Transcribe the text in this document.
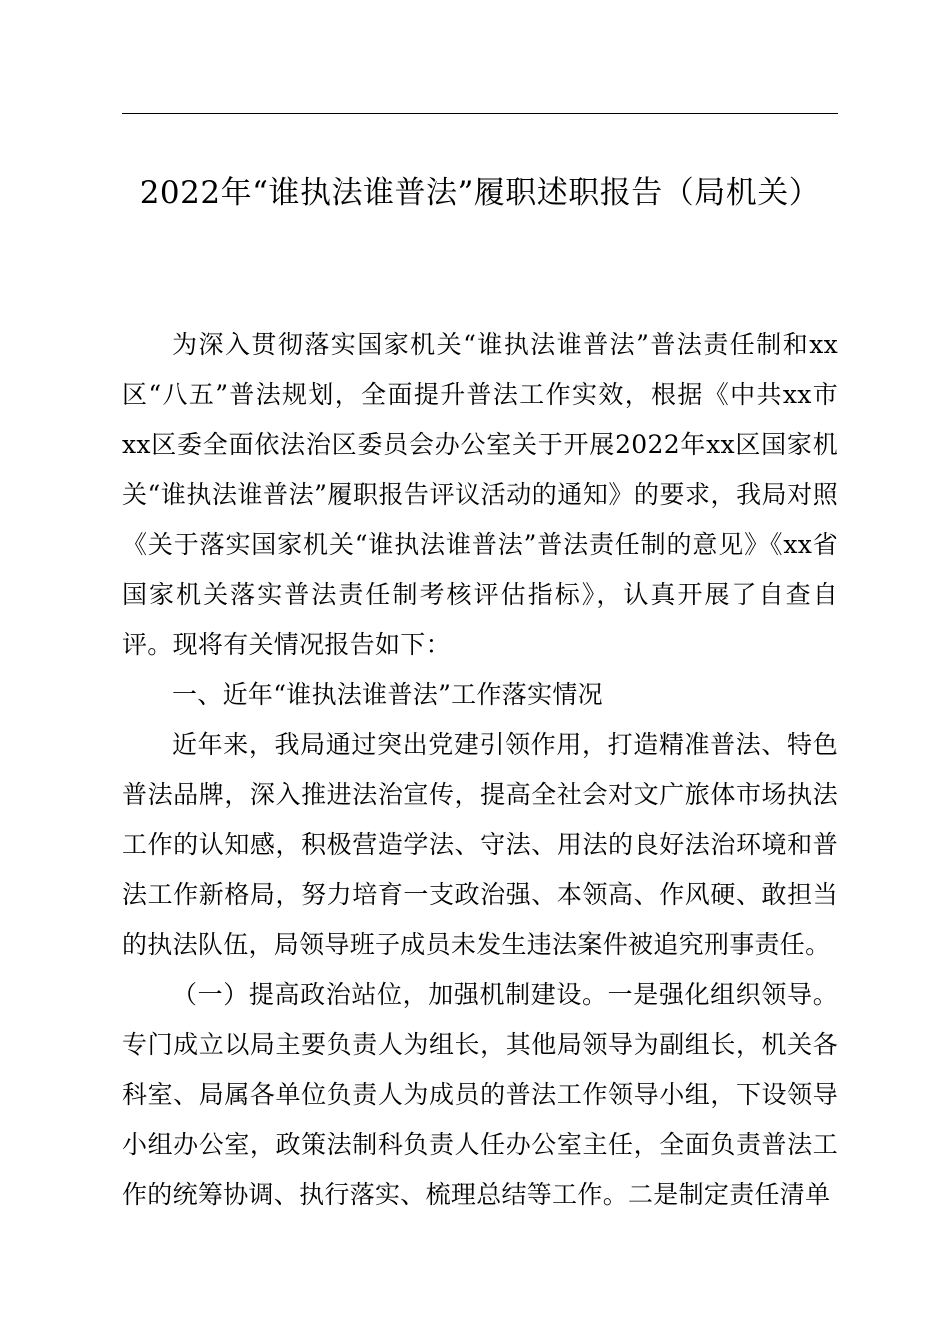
2022年“谁执法谁普法”履职述职报告（局机关）

为深入贯彻落实国家机关“谁执法谁普法”普法责任制和xx区“八五”普法规划，全面提升普法工作实效，根据《中共xx市xx区委全面依法治区委员会办公室关于开展2022年xx区国家机关“谁执法谁普法”履职报告评议活动的通知》的要求，我局对照《关于落实国家机关“谁执法谁普法”普法责任制的意见》《xx省国家机关落实普法责任制考核评估指标》，认真开展了自查自评。现将有关情况报告如下：

一、近年“谁执法谁普法”工作落实情况

近年来，我局通过突出党建引领作用，打造精准普法、特色普法品牌，深入推进法治宣传，提高全社会对文广旅体市场执法工作的认知感，积极营造学法、守法、用法的良好法治环境和普法工作新格局，努力培育一支政治强、本领高、作风硬、敢担当的执法队伍，局领导班子成员未发生违法案件被追究刑事责任。

（一）提高政治站位，加强机制建设。一是强化组织领导。专门成立以局主要负责人为组长，其他局领导为副组长，机关各科室、局属各单位负责人为成员的普法工作领导小组，下设领导小组办公室，政策法制科负责人任办公室主任，全面负责普法工作的统筹协调、执行落实、梳理总结等工作。二是制定责任清单
